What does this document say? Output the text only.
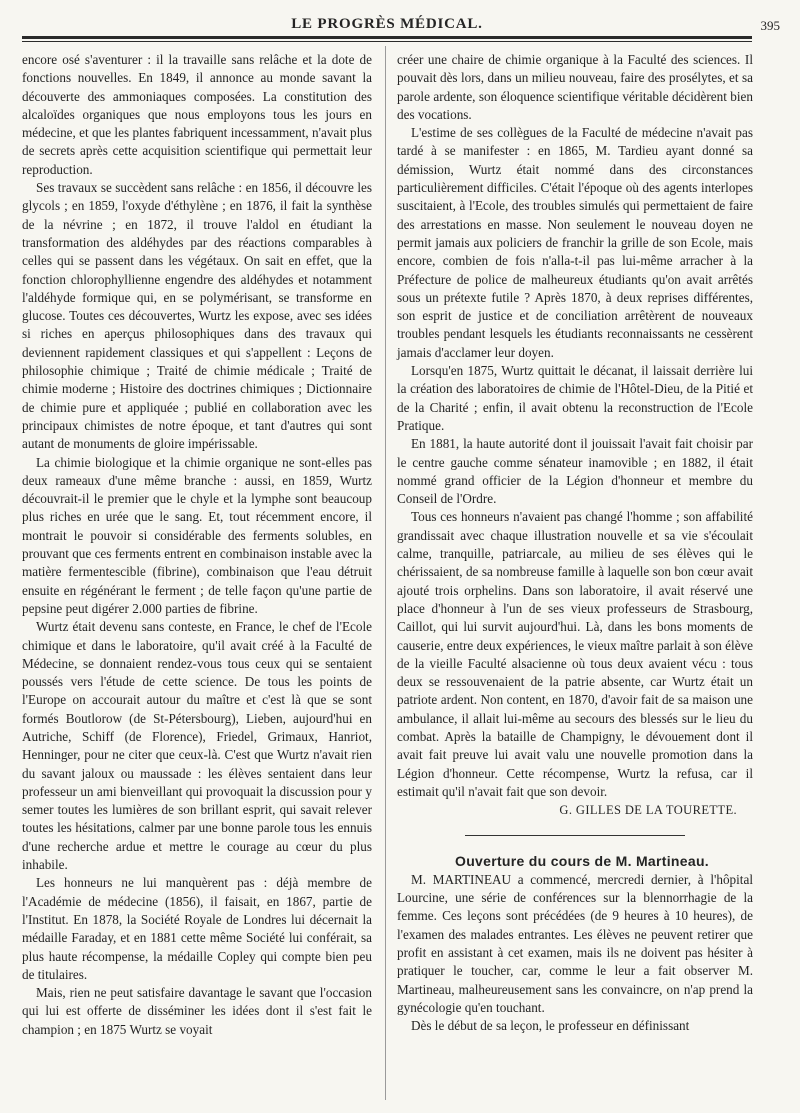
LE PROGRÈS MÉDICAL.	395

encore osé s'aventurer : il la travaille sans relâche et la dote de fonctions nouvelles. En 1849, il annonce au monde savant la découverte des ammoniaques composées. La constitution des alcaloïdes organiques que nous employons tous les jours en médecine, et que les plantes fabriquent incessamment, n'avait plus de secrets après cette acquisition scientifique qui permettait leur reproduction.

Ses travaux se succèdent sans relâche : en 1856, il découvre les glycols ; en 1859, l'oxyde d'éthylène ; en 1876, il fait la synthèse de la névrine ; en 1872, il trouve l'aldol en étudiant la transformation des aldéhydes par des réactions comparables à celles qui se passent dans les végétaux. On sait en effet, que la fonction chlorophyllienne engendre des aldéhydes et notamment l'aldéhyde formique qui, en se polymérisant, se transforme en glucose. Toutes ces découvertes, Wurtz les expose, avec ses idées si riches en aperçus philosophiques dans des travaux qui deviennent rapidement classiques et qui s'appellent : Leçons de philosophie chimique ; Traité de chimie médicale ; Traité de chimie moderne ; Histoire des doctrines chimiques ; Dictionnaire de chimie pure et appliquée ; publié en collaboration avec les principaux chimistes de notre époque, et tant d'autres qui sont autant de monuments de gloire impérissable.

La chimie biologique et la chimie organique ne sont-elles pas deux rameaux d'une même branche : aussi, en 1859, Wurtz découvrait-il le premier que le chyle et la lymphe sont beaucoup plus riches en urée que le sang. Et, tout récemment encore, il montrait le pouvoir si considérable des ferments solubles, en prouvant que ces ferments entrent en combinaison instable avec la matière fermentescible (fibrine), combinaison que l'eau détruit ensuite en régénérant le ferment ; de telle façon qu'une partie de pepsine peut digérer 2.000 parties de fibrine.

Wurtz était devenu sans conteste, en France, le chef de l'Ecole chimique et dans le laboratoire, qu'il avait créé à la Faculté de Médecine, se donnaient rendez-vous tous ceux qui se sentaient poussés vers l'étude de cette science. De tous les points de l'Europe on accourait autour du maître et c'est là que se sont formés Boutlorow (de St-Pétersbourg), Lieben, aujourd'hui en Autriche, Schiff (de Florence), Friedel, Grimaux, Hanriot, Henninger, pour ne citer que ceux-là. C'est que Wurtz n'avait rien du savant jaloux ou maussade : les élèves sentaient dans leur professeur un ami bienveillant qui provoquait la discussion pour y semer toutes les lumières de son brillant esprit, qui savait relever toutes les hésitations, calmer par une bonne parole tous les ennuis d'une recherche ardue et mettre le courage au cœur du plus inhabile.

Les honneurs ne lui manquèrent pas : déjà membre de l'Académie de médecine (1856), il faisait, en 1867, partie de l'Institut. En 1878, la Société Royale de Londres lui décernait la médaille Faraday, et en 1881 cette même Société lui conférait, sa plus haute récompense, la médaille Copley qui compte bien peu de titulaires.

Mais, rien ne peut satisfaire davantage le savant que l'occasion qui lui est offerte de disséminer les idées dont il s'est fait le champion ; en 1875 Wurtz se voyait

créer une chaire de chimie organique à la Faculté des sciences. Il pouvait dès lors, dans un milieu nouveau, faire des prosélytes, et sa parole ardente, son éloquence scientifique véritable décidèrent bien des vocations.

L'estime de ses collègues de la Faculté de médecine n'avait pas tardé à se manifester : en 1865, M. Tardieu ayant donné sa démission, Wurtz était nommé dans des circonstances particulièrement difficiles. C'était l'époque où des agents interlopes suscitaient, à l'Ecole, des troubles simulés qui permettaient de faire des arrestations en masse. Non seulement le nouveau doyen ne permit jamais aux policiers de franchir la grille de son Ecole, mais encore, combien de fois n'alla-t-il pas lui-même arracher à la Préfecture de police de malheureux étudiants qu'on avait arrêtés sous un prétexte futile ? Après 1870, à deux reprises différentes, son esprit de justice et de conciliation arrêtèrent de nouveaux troubles pendant lesquels les étudiants reconnaissants ne cessèrent jamais d'acclamer leur doyen.

Lorsqu'en 1875, Wurtz quittait le décanat, il laissait derrière lui la création des laboratoires de chimie de l'Hôtel-Dieu, de la Pitié et de la Charité ; enfin, il avait obtenu la reconstruction de l'Ecole Pratique.

En 1881, la haute autorité dont il jouissait l'avait fait choisir par le centre gauche comme sénateur inamovible ; en 1882, il était nommé grand officier de la Légion d'honneur et membre du Conseil de l'Ordre.

Tous ces honneurs n'avaient pas changé l'homme ; son affabilité grandissait avec chaque illustration nouvelle et sa vie s'écoulait calme, tranquille, patriarcale, au milieu de ses élèves qui le chérissaient, de sa nombreuse famille à laquelle son bon cœur avait ajouté trois orphelins. Dans son laboratoire, il avait réservé une place d'honneur à l'un de ses vieux professeurs de Strasbourg, Caillot, qui lui survit aujourd'hui. Là, dans les bons moments de causerie, entre deux expériences, le vieux maître parlait à son élève de la vieille Faculté alsacienne où tous deux avaient vécu : tous deux se ressouvenaient de la patrie absente, car Wurtz était un patriote ardent. Non content, en 1870, d'avoir fait de sa maison une ambulance, il allait lui-même au secours des blessés sur le lieu du combat. Après la bataille de Champigny, le dévouement dont il avait fait preuve lui avait valu une nouvelle promotion dans la Légion d'honneur. Cette récompense, Wurtz la refusa, car il estimait qu'il n'avait fait que son devoir.

G. GILLES DE LA TOURETTE.

Ouverture du cours de M. Martineau.

M. MARTINEAU a commencé, mercredi dernier, à l'hôpital Lourcine, une série de conférences sur la blennorrhagie de la femme. Ces leçons sont précédées (de 9 heures à 10 heures), de l'examen des malades entrantes. Les élèves ne peuvent retirer que profit en assistant à cet examen, mais ils ne doivent pas hésiter à pratiquer le toucher, car, comme le leur a fait observer M. Martineau, malheureusement sans les convaincre, on n'ap prend la gynécologie qu'en touchant.

Dès le début de sa leçon, le professeur en définissant
